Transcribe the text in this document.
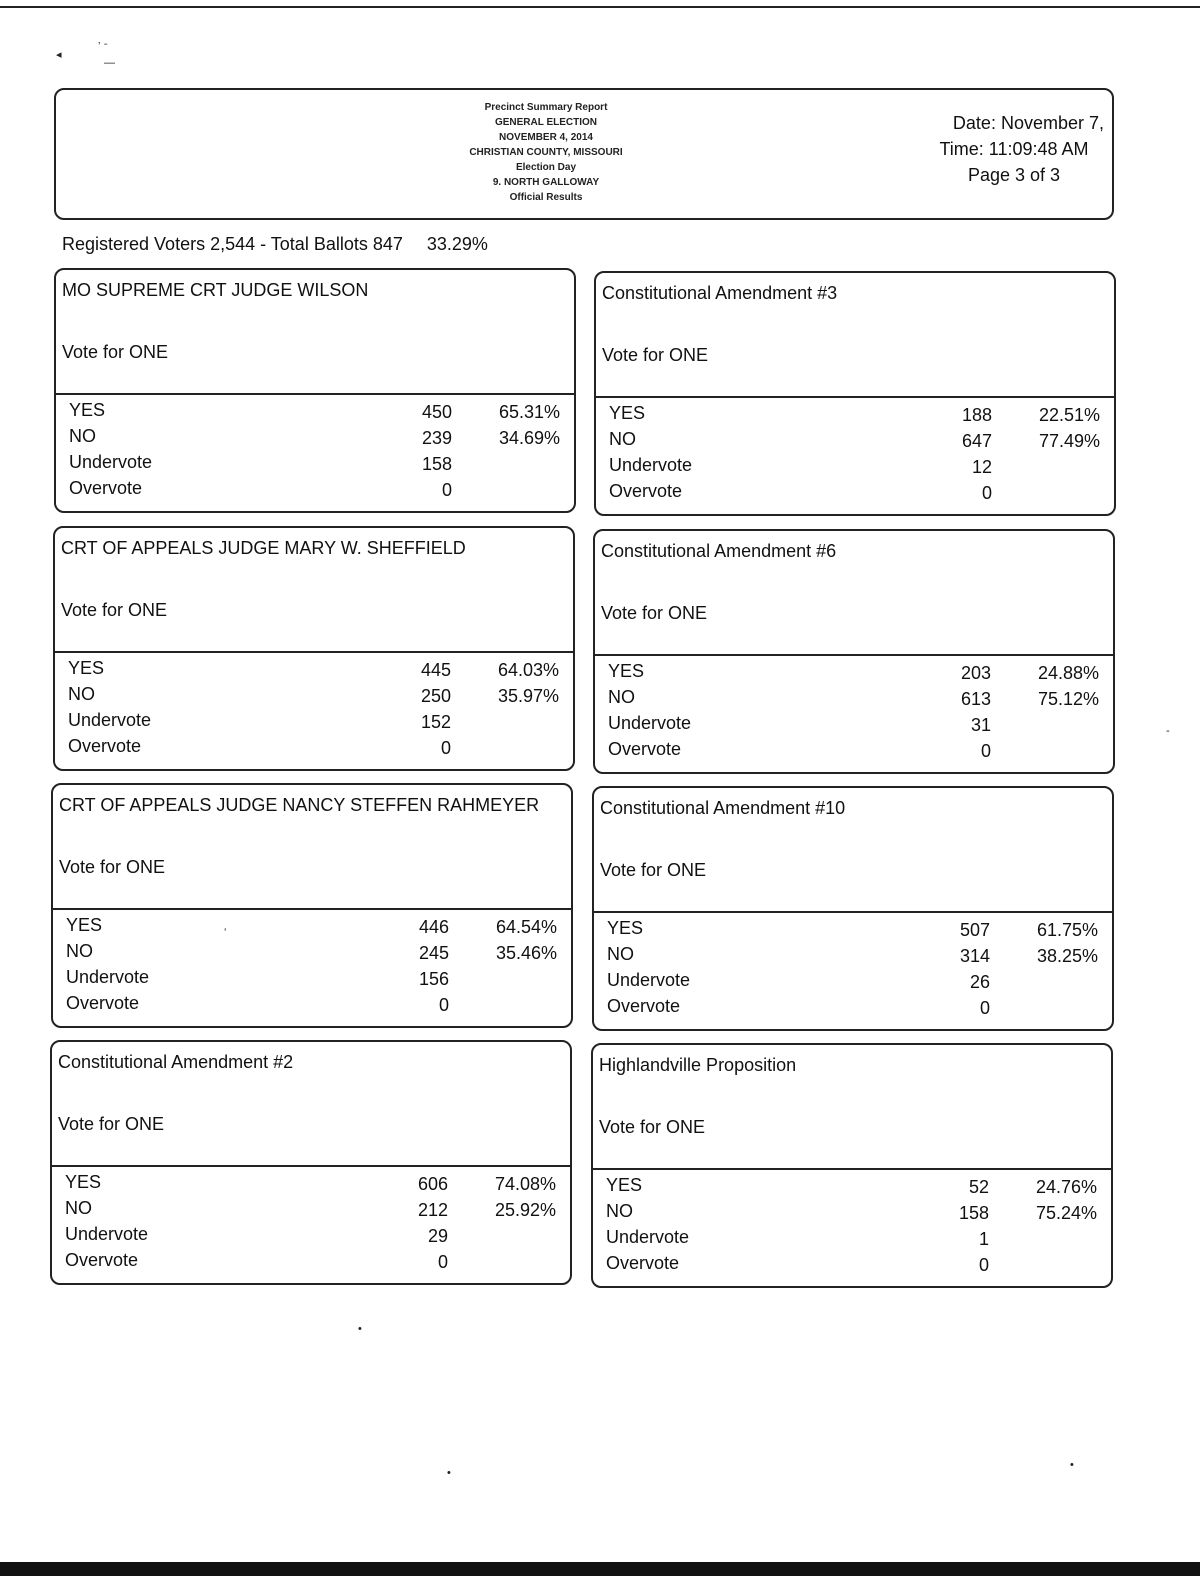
◂
ʼ ᐨ
—
•
•
•
-
ʻ
Precinct Summary Report
GENERAL ELECTION
NOVEMBER 4, 2014
CHRISTIAN COUNTY, MISSOURI
Election Day
9. NORTH GALLOWAY
Official Results
Date: November 7,
Time: 11:09:48 AM
Page 3 of 3
Registered Voters 2,544 - Total Ballots 847 33.29%
MO SUPREME CRT JUDGE WILSON
Vote for ONE
YES	450	65.31%
NO	239	34.69%
Undervote	158
Overvote	0
Constitutional Amendment #3
Vote for ONE
YES	188	22.51%
NO	647	77.49%
Undervote	12
Overvote	0
CRT OF APPEALS JUDGE MARY W. SHEFFIELD
Vote for ONE
YES	445	64.03%
NO	250	35.97%
Undervote	152
Overvote	0
Constitutional Amendment #6
Vote for ONE
YES	203	24.88%
NO	613	75.12%
Undervote	31
Overvote	0
CRT OF APPEALS JUDGE NANCY STEFFEN RAHMEYER
Vote for ONE
YES	446	64.54%
NO	245	35.46%
Undervote	156
Overvote	0
Constitutional Amendment #10
Vote for ONE
YES	507	61.75%
NO	314	38.25%
Undervote	26
Overvote	0
Constitutional Amendment #2
Vote for ONE
YES	606	74.08%
NO	212	25.92%
Undervote	29
Overvote	0
Highlandville Proposition
Vote for ONE
YES	52	24.76%
NO	158	75.24%
Undervote	1
Overvote	0
